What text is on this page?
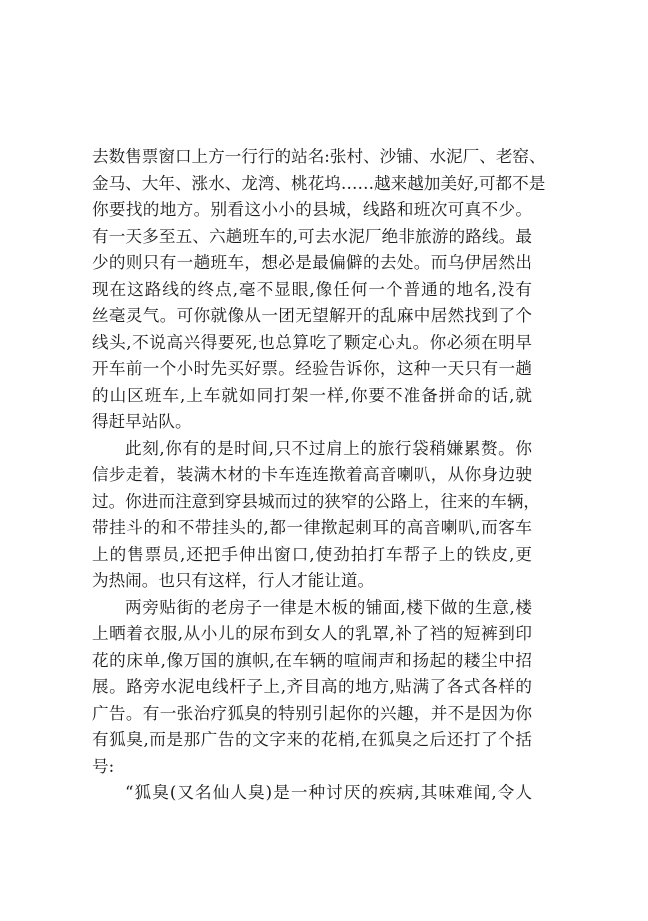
去数售票窗口上方一行行的站名:张村、沙铺、水泥厂、老窑、
金马、大年、涨水、龙湾、桃花坞……越来越加美好,可都不是
你要找的地方。别看这小小的县城，线路和班次可真不少。
有一天多至五、六趟班车的,可去水泥厂绝非旅游的路线。最
少的则只有一趟班车，想必是最偏僻的去处。而乌伊居然出
现在这路线的终点,毫不显眼,像任何一个普通的地名,没有
丝毫灵气。可你就像从一团无望解开的乱麻中居然找到了个
线头,不说高兴得要死,也总算吃了颗定心丸。你必须在明早
开车前一个小时先买好票。经验告诉你，这种一天只有一趟
的山区班车,上车就如同打架一样,你要不准备拼命的话,就
得赶早站队。
此刻,你有的是时间,只不过肩上的旅行袋稍嫌累赘。你
信步走着，装满木材的卡车连连揿着高音喇叭，从你身边驶
过。你进而注意到穿县城而过的狭窄的公路上，往来的车辆，
带挂斗的和不带挂头的,都一律揿起刺耳的高音喇叭,而客车
上的售票员,还把手伸出窗口,使劲拍打车帮子上的铁皮,更
为热闹。也只有这样，行人才能让道。
两旁贴街的老房子一律是木板的铺面,楼下做的生意,楼
上晒着衣服,从小儿的尿布到女人的乳罩,补了裆的短裤到印
花的床单,像万国的旗帜,在车辆的喧闹声和扬起的耧尘中招
展。路旁水泥电线杆子上,齐目高的地方,贴满了各式各样的
广告。有一张治疗狐臭的特别引起你的兴趣，并不是因为你
有狐臭,而是那广告的文字来的花梢,在狐臭之后还打了个括
号:
“狐臭(又名仙人臭)是一种讨厌的疾病,其味难闻,令人
